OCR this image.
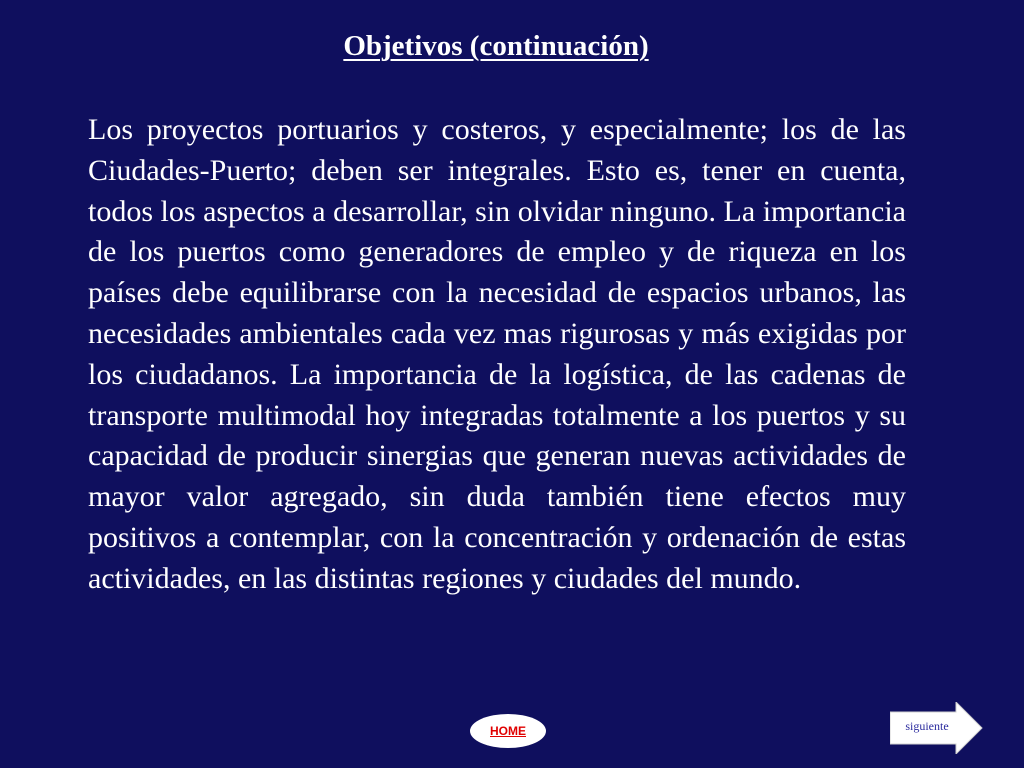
Objetivos (continuación)

Los proyectos portuarios y costeros, y especialmente; los de las Ciudades-Puerto; deben ser integrales. Esto es, tener en cuenta, todos los aspectos a desarrollar, sin olvidar ninguno. La importancia de los puertos como generadores de empleo y de riqueza en los países debe equilibrarse con la necesidad de espacios urbanos, las necesidades ambientales cada vez mas rigurosas y más exigidas por los ciudadanos. La importancia de la logística, de las cadenas de transporte multimodal hoy integradas totalmente a los puertos y su capacidad de producir sinergias que generan nuevas actividades de mayor valor agregado, sin duda también tiene efectos muy positivos a contemplar, con la concentración y ordenación de estas actividades, en las distintas regiones y ciudades del mundo.

HOME	siguiente
